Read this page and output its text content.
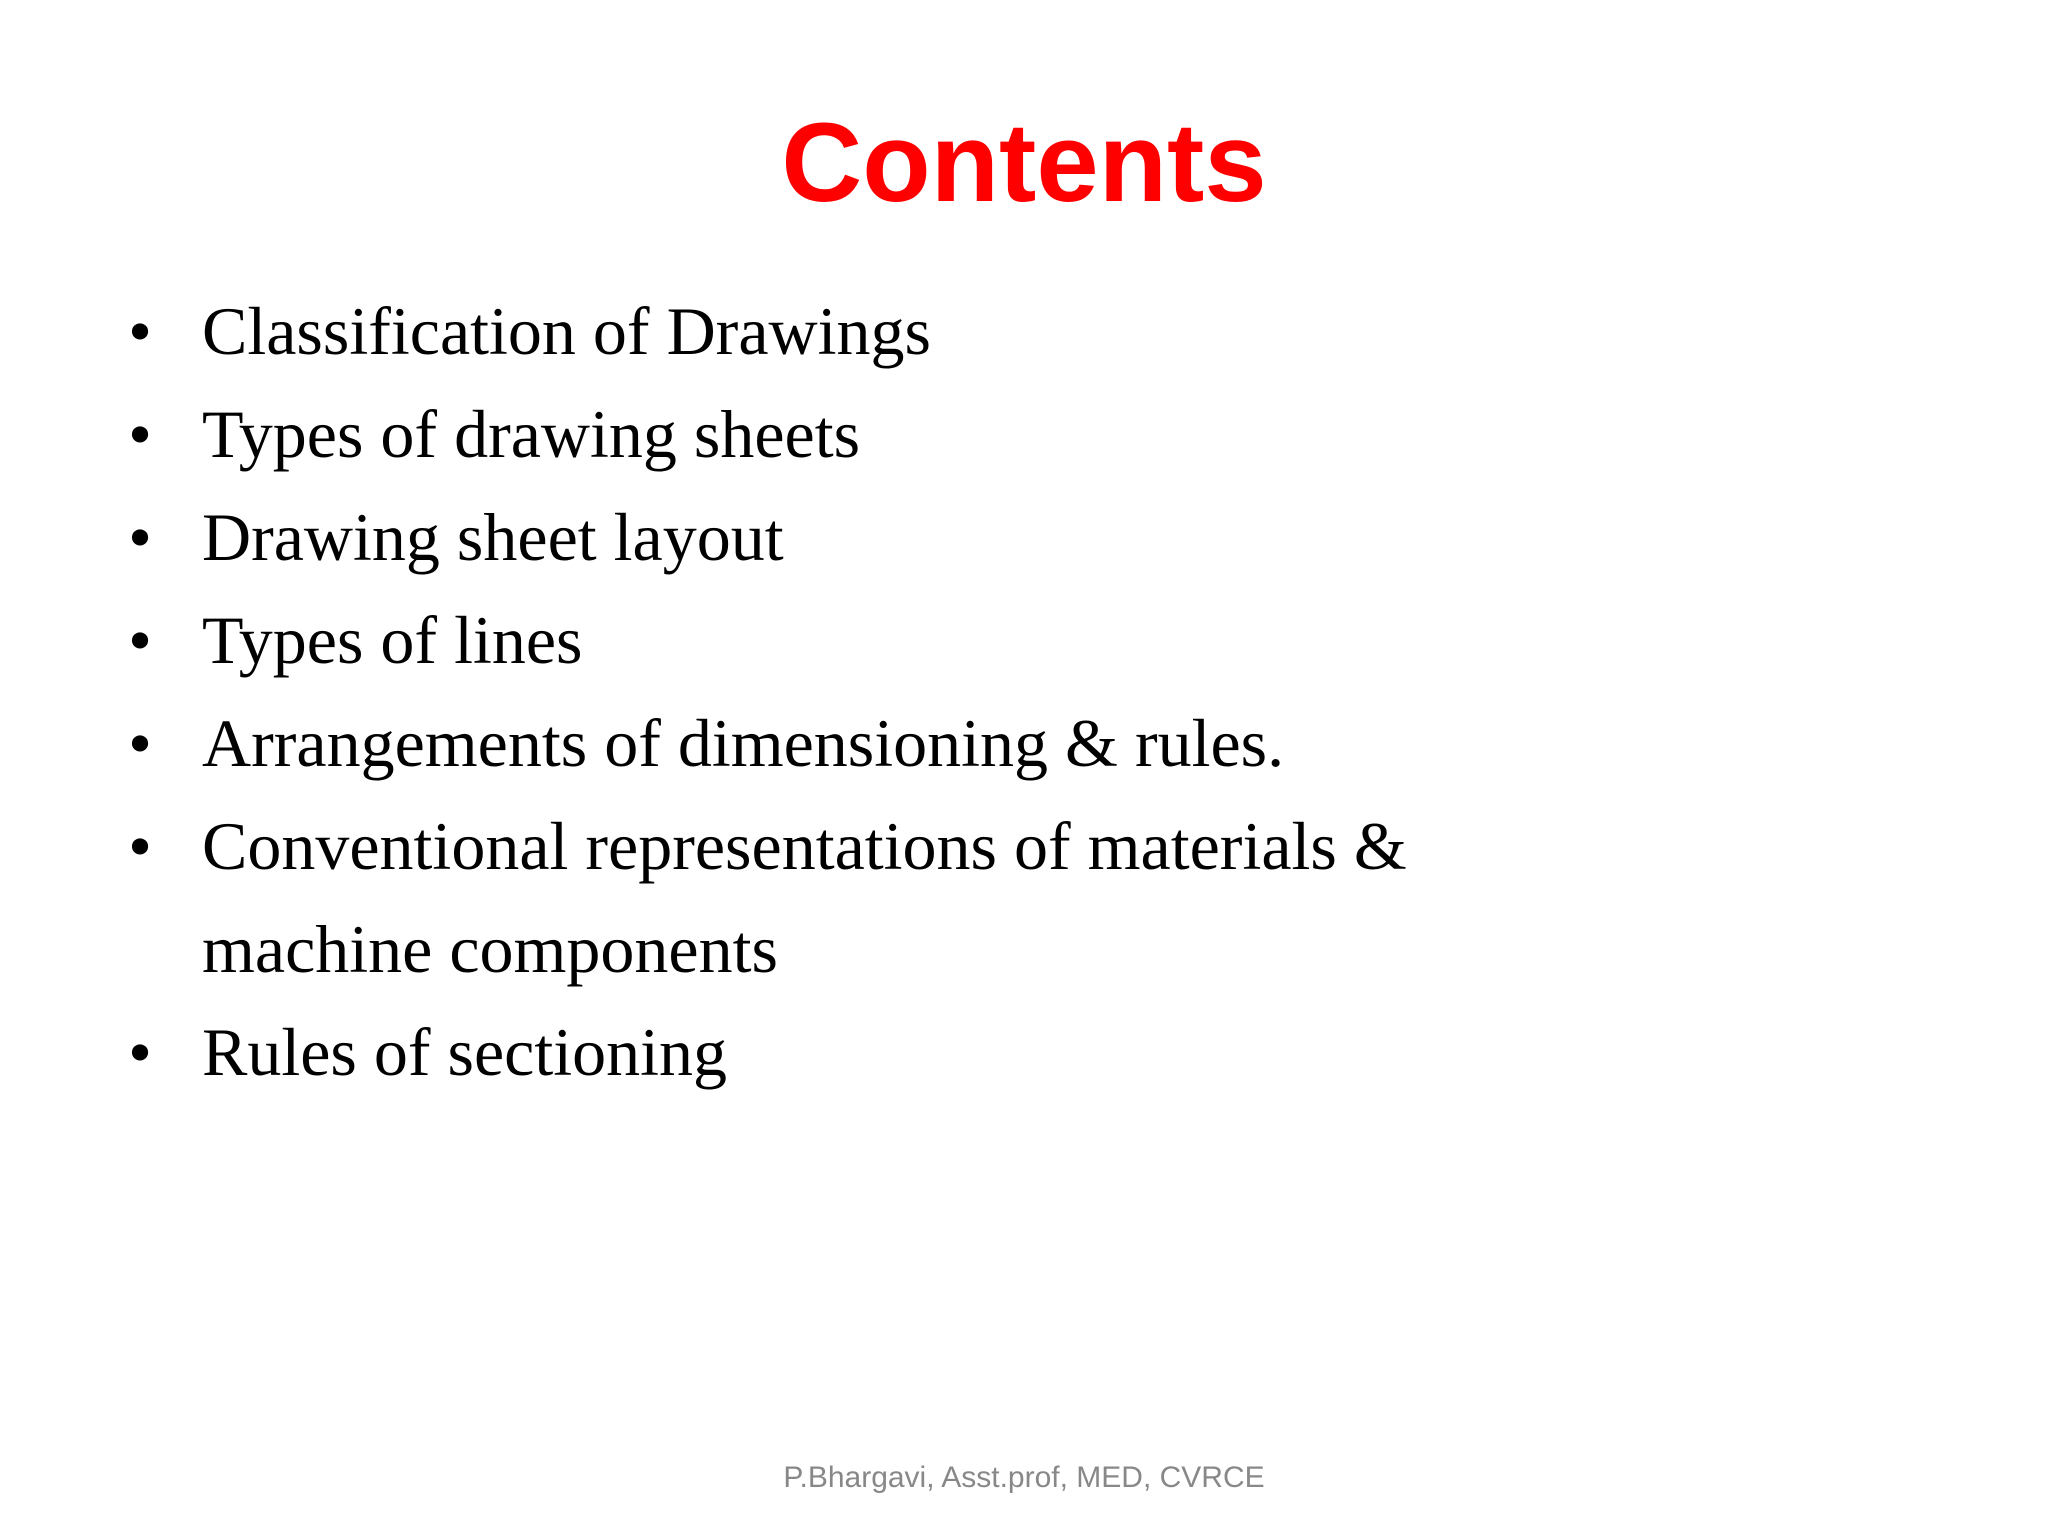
Contents
• Classification of Drawings
• Types of drawing sheets
• Drawing sheet layout
• Types of lines
• Arrangements of dimensioning & rules.
• Conventional representations of materials & machine components
• Rules of sectioning
P.Bhargavi, Asst.prof, MED, CVRCE
